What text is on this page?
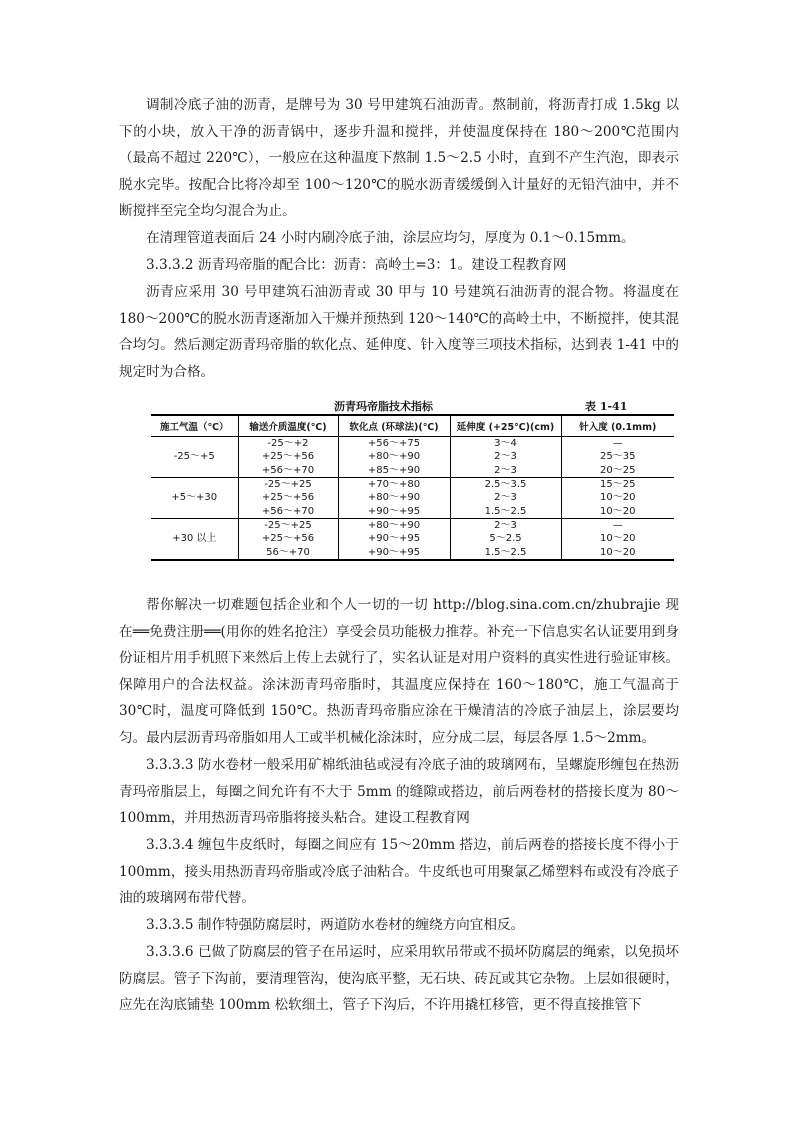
调制冷底子油的沥青，是牌号为 30 号甲建筑石油沥青。熬制前，将沥青打成 1.5kg 以下的小块，放入干净的沥青锅中，逐步升温和搅拌，并使温度保持在 180～200℃范围内（最高不超过 220℃），一般应在这种温度下熬制 1.5～2.5 小时，直到不产生汽泡，即表示脱水完毕。按配合比将冷却至 100～120℃的脱水沥青缓缓倒入计量好的无铅汽油中，并不断搅拌至完全均匀混合为止。

在清理管道表面后 24 小时内刷冷底子油，涂层应均匀，厚度为 0.1～0.15mm。

3.3.3.2 沥青玛帝脂的配合比：沥青：高岭土=3：1。建设工程教育网

沥青应采用 30 号甲建筑石油沥青或 30 甲与 10 号建筑石油沥青的混合物。将温度在 180～200℃的脱水沥青逐渐加入干燥并预热到 120～140℃的高岭土中，不断搅拌，使其混合均匀。然后测定沥青玛帝脂的软化点、延伸度、针入度等三项技术指标，达到表 1-41 中的规定时为合格。

沥青玛帝脂技术指标	表 1-41
施工气温（℃）	输送介质温度(℃)	软化点 (环球法)(℃)	延伸度 (+25℃)(cm)	针入度 (0.1mm)
-25～+5	-25～+2	+56～+75	3～4	—
	+25～+56	+80～+90	2～3	25～35
	+56～+70	+85～+90	2～3	20～25
+5～+30	-25～+25	+70～+80	2.5～3.5	15～25
	+25～+56	+80～+90	2～3	10～20
	+56～+70	+90～+95	1.5～2.5	10～20
+30 以上	-25～+25	+80～+90	2～3	—
	+25～+56	+90～+95	5～2.5	10～20
	56～+70	+90～+95	1.5～2.5	10～20

帮你解决一切难题包括企业和个人一切的一切 http://blog.sina.com.cn/zhubrajie 现在══免费注册══(用你的姓名抢注）享受会员功能极力推荐。补充一下信息实名认证要用到身份证相片用手机照下来然后上传上去就行了，实名认证是对用户资料的真实性进行验证审核。保障用户的合法权益。涂沫沥青玛帝脂时，其温度应保持在 160～180℃，施工气温高于 30℃时，温度可降低到 150℃。热沥青玛帝脂应涂在干燥清洁的冷底子油层上，涂层要均匀。最内层沥青玛帝脂如用人工或半机械化涂沫时，应分成二层，每层各厚 1.5～2mm。

3.3.3.3 防水卷材一般采用矿棉纸油毡或浸有冷底子油的玻璃网布，呈螺旋形缠包在热沥青玛帝脂层上，每圈之间允许有不大于 5mm 的缝隙或搭边，前后两卷材的搭接长度为 80～100mm，并用热沥青玛帝脂将接头粘合。建设工程教育网

3.3.3.4 缠包牛皮纸时，每圈之间应有 15～20mm 搭边，前后两卷的搭接长度不得小于 100mm，接头用热沥青玛帝脂或冷底子油粘合。牛皮纸也可用聚氯乙烯塑料布或没有冷底子油的玻璃网布带代替。

3.3.3.5 制作特强防腐层时，两道防水卷材的缠绕方向宜相反。

3.3.3.6 已做了防腐层的管子在吊运时，应采用软吊带或不损坏防腐层的绳索，以免损坏防腐层。管子下沟前，要清理管沟，使沟底平整，无石块、砖瓦或其它杂物。上层如很硬时，应先在沟底铺垫 100mm 松软细土，管子下沟后，不许用撬杠移管，更不得直接推管下
